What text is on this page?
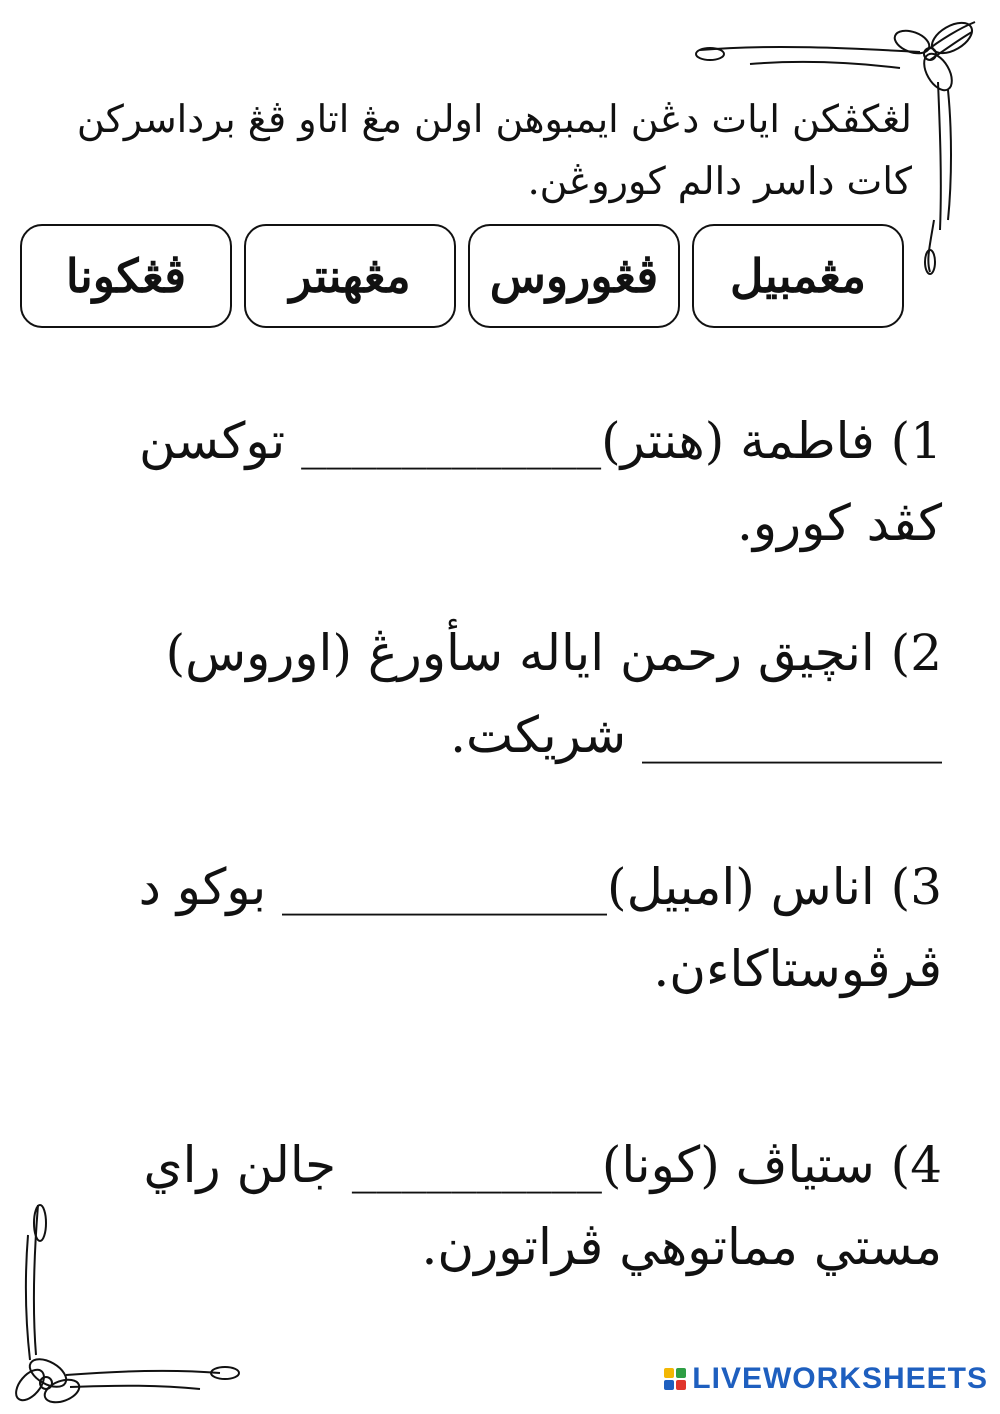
لڠكڤكن ايات دڠن ايمبوهن اولن مڠ اتاو ڤڠ برداسركن
كات داسر دالم كوروڠن.
مڠمبيل
ڤڠوروس
مڠهنتر
ڤڠكونا
1) فاطمة (هنتر)____________ توكسن
كڤد كورو.
2) انچيق رحمن اياله سأورڠ (اوروس)
____________ شريكت.
3) اناس (امبيل)_____________ بوكو د
ڤرڤوستاكاءن.
4) ستياڤ (كونا)__________ جالن راي
مستي مماتوهي ڤراتورن.
LIVEWORKSHEETS
